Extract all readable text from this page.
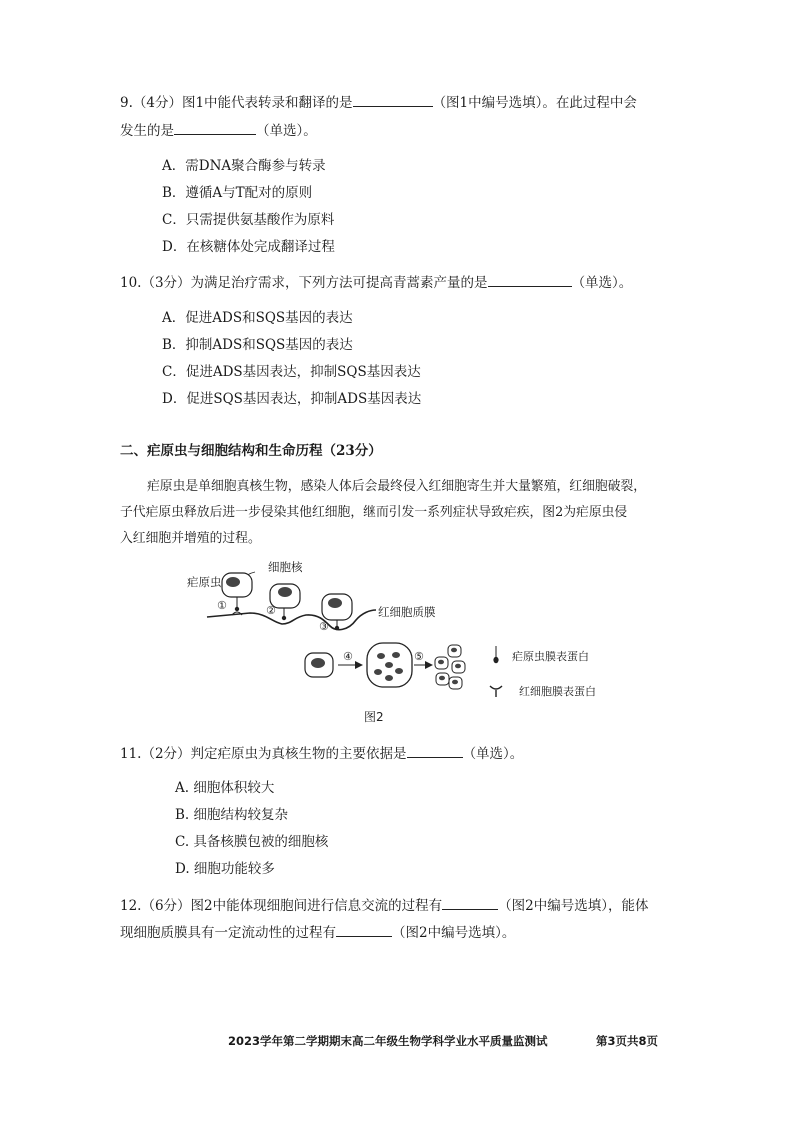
9.（4分）图1中能代表转录和翻译的是	（图1中编号选填）。在此过程中会
发生的是	（单选）。
A．需DNA聚合酶参与转录
B．遵循A与T配对的原则
C．只需提供氨基酸作为原料
D．在核糖体处完成翻译过程
10.（3分）为满足治疗需求，下列方法可提高青蒿素产量的是	（单选）。
A．促进ADS和SQS基因的表达
B．抑制ADS和SQS基因的表达
C．促进ADS基因表达，抑制SQS基因表达
D．促进SQS基因表达，抑制ADS基因表达
二、疟原虫与细胞结构和生命历程（23分）
疟原虫是单细胞真核生物，感染人体后会最终侵入红细胞寄生并大量繁殖，红细胞破裂，
子代疟原虫释放后进一步侵染其他红细胞，继而引发一系列症状导致疟疾，图2为疟原虫侵
入红细胞并增殖的过程。
疟原虫
细胞核
红细胞质膜
①	②
③
④	⑤	疟原虫膜表蛋白
红细胞膜表蛋白
图2
11.（2分）判定疟原虫为真核生物的主要依据是	（单选）。
A. 细胞体积较大
B. 细胞结构较复杂
C. 具备核膜包被的细胞核
D. 细胞功能较多
12.（6分）图2中能体现细胞间进行信息交流的过程有	（图2中编号选填），能体
现细胞质膜具有一定流动性的过程有	（图2中编号选填）。
2023学年第二学期期末高二年级生物学科学业水平质量监测试	第3页共8页
